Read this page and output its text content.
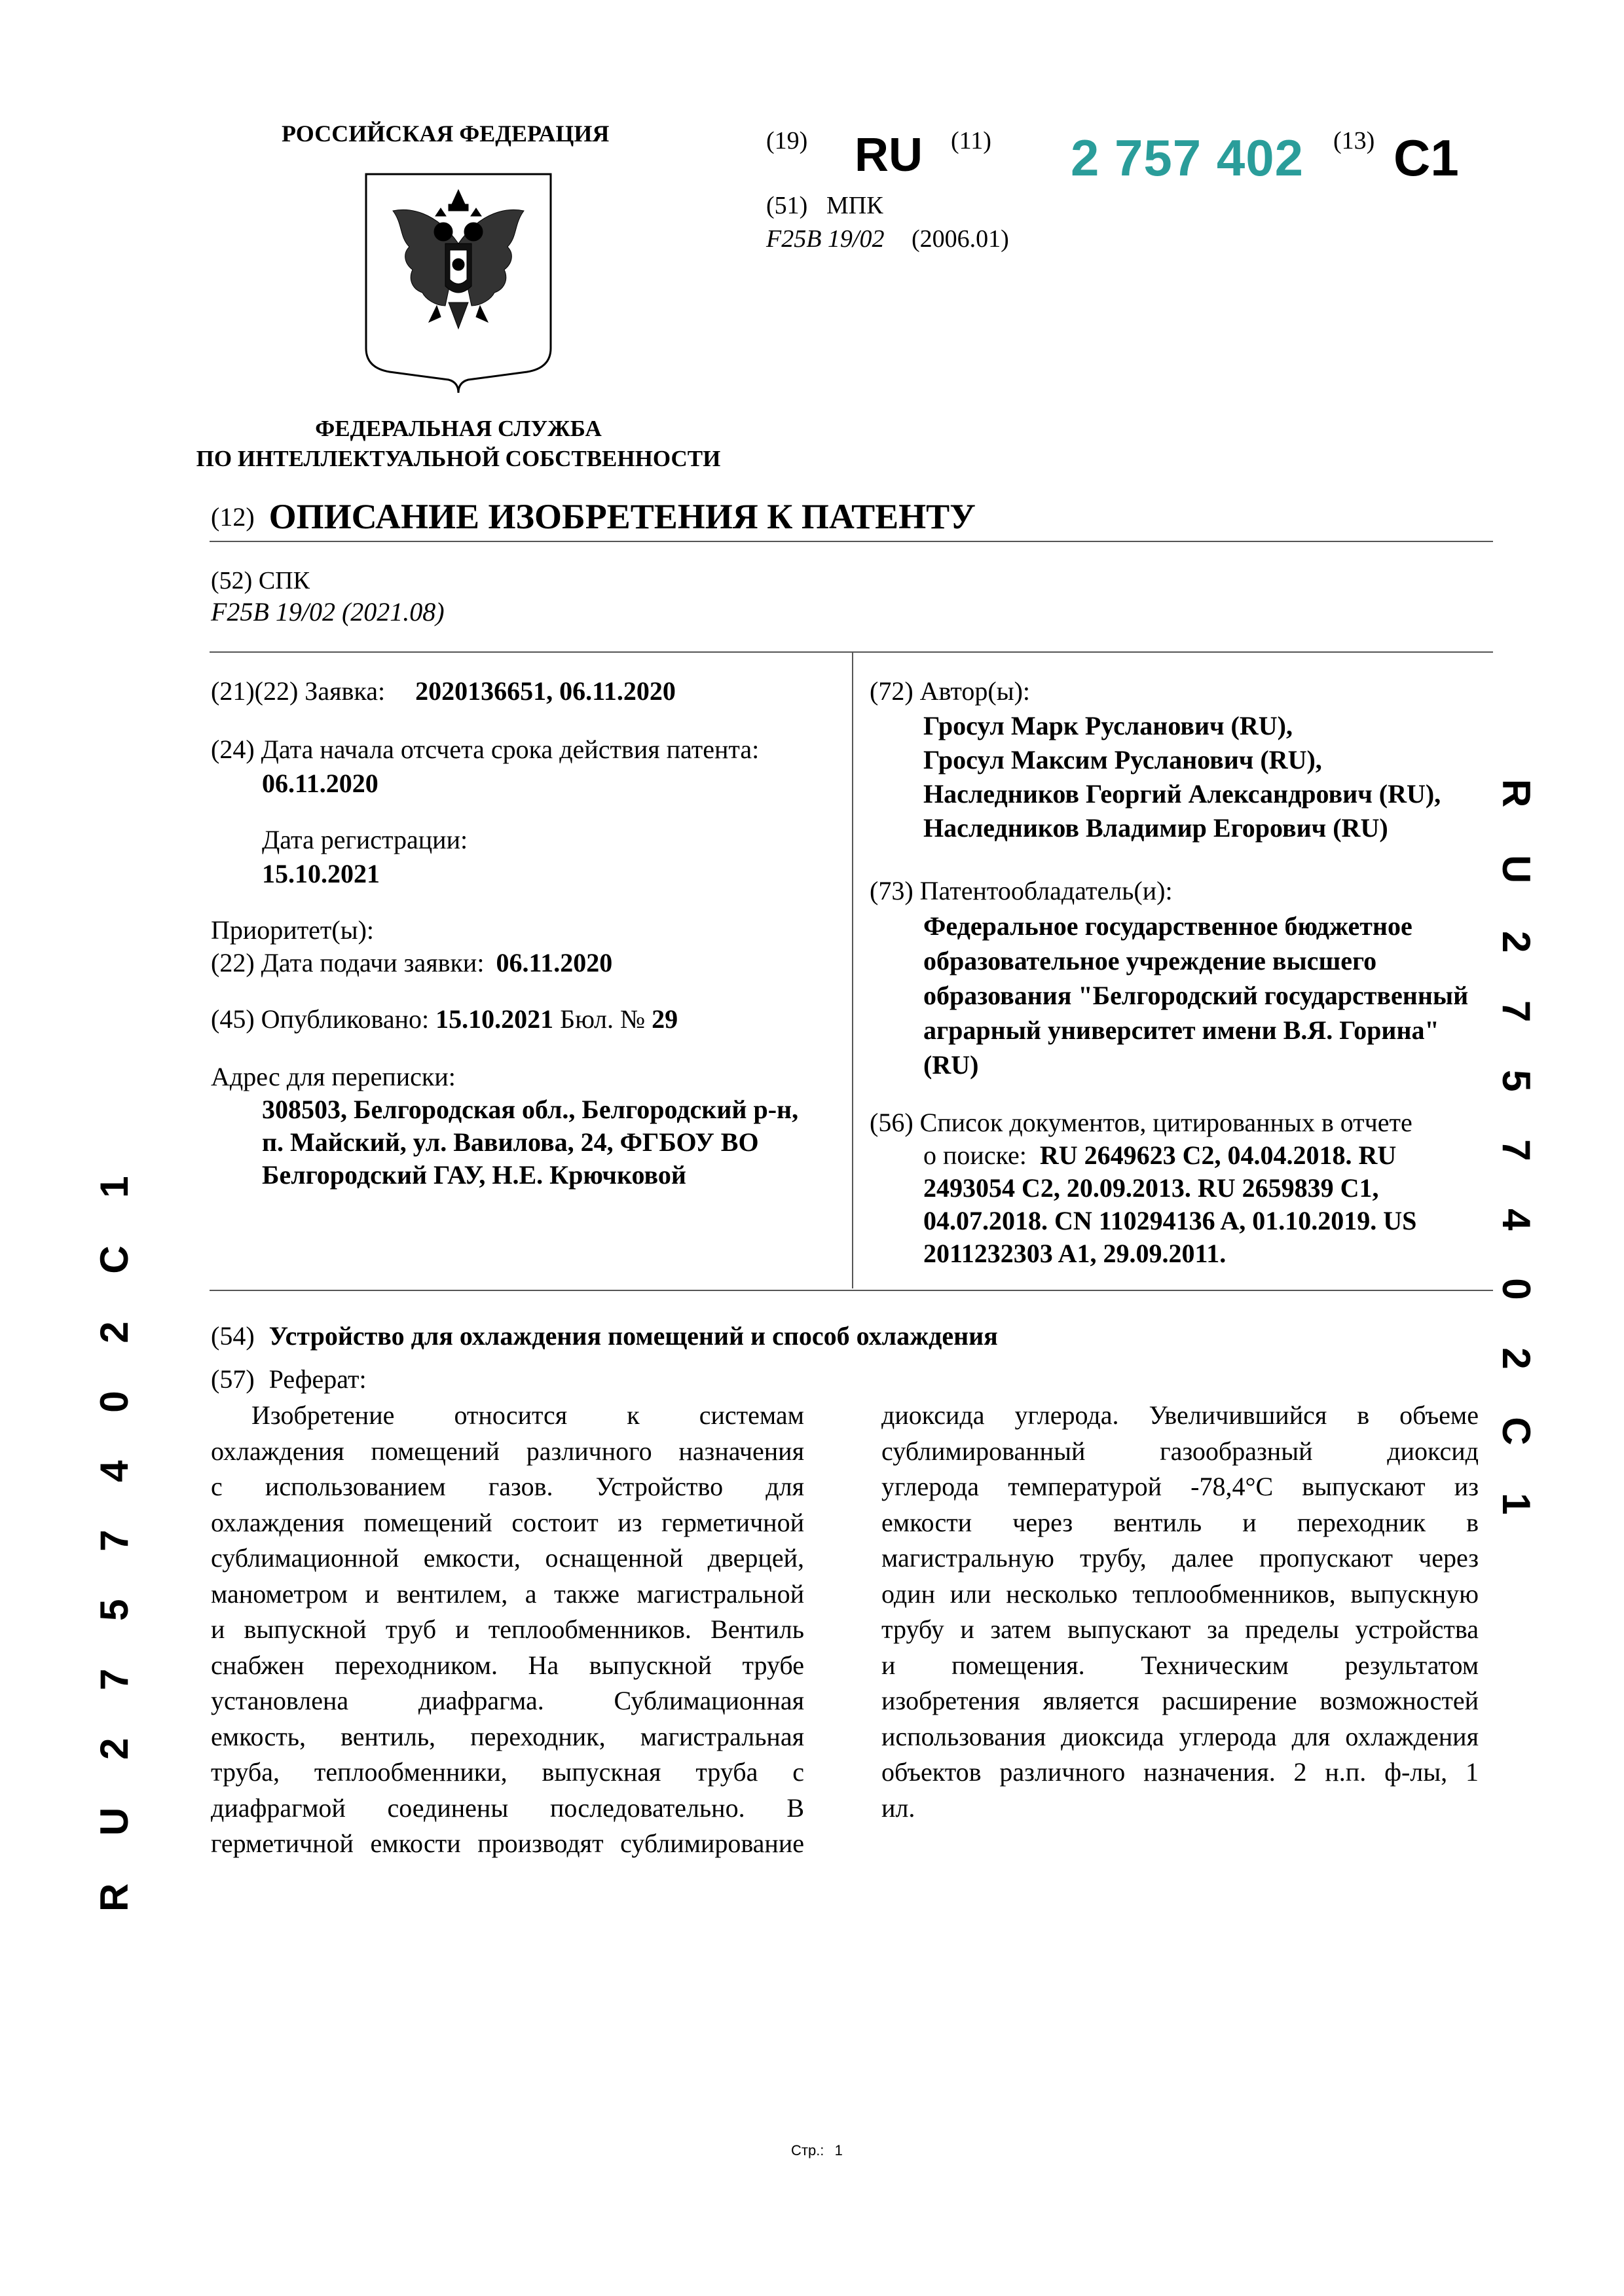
РОССИЙСКАЯ ФЕДЕРАЦИЯ
ФЕДЕРАЛЬНАЯ СЛУЖБА
ПО ИНТЕЛЛЕКТУАЛЬНОЙ СОБСТВЕННОСТИ
(19) RU (11) 2 757 402 (13) C1
(51) МПК
F25B 19/02 (2006.01)
(12) ОПИСАНИЕ ИЗОБРЕТЕНИЯ К ПАТЕНТУ
(52) СПК
F25B 19/02 (2021.08)
(21)(22) Заявка: 2020136651, 06.11.2020
(24) Дата начала отсчета срока действия патента:
06.11.2020
Дата регистрации:
15.10.2021
Приоритет(ы):
(22) Дата подачи заявки: 06.11.2020
(45) Опубликовано: 15.10.2021 Бюл. № 29
Адрес для переписки:
308503, Белгородская обл., Белгородский р-н,
п. Майский, ул. Вавилова, 24, ФГБОУ ВО
Белгородский ГАУ, Н.Е. Крючковой
(72) Автор(ы):
Гросул Марк Русланович (RU),
Гросул Максим Русланович (RU),
Наследников Георгий Александрович (RU),
Наследников Владимир Егорович (RU)
(73) Патентообладатель(и):
Федеральное государственное бюджетное
образовательное учреждение высшего
образования "Белгородский государственный
аграрный университет имени В.Я. Горина"
(RU)
(56) Список документов, цитированных в отчете
о поиске: RU 2649623 C2, 04.04.2018. RU
2493054 C2, 20.09.2013. RU 2659839 C1,
04.07.2018. CN 110294136 A, 01.10.2019. US
2011232303 A1, 29.09.2011.
(54) Устройство для охлаждения помещений и способ охлаждения
(57) Реферат:
Изобретение относится к системам
охлаждения помещений различного назначения
с использованием газов. Устройство для
охлаждения помещений состоит из герметичной
сублимационной емкости, оснащенной дверцей,
манометром и вентилем, а также магистральной
и выпускной труб и теплообменников. Вентиль
снабжен переходником. На выпускной трубе
установлена диафрагма. Сублимационная
емкость, вентиль, переходник, магистральная
труба, теплообменники, выпускная труба с
диафрагмой соединены последовательно. В
герметичной емкости производят сублимирование
диоксида углерода. Увеличившийся в объеме
сублимированный газообразный диоксид
углерода температурой -78,4°C выпускают из
емкости через вентиль и переходник в
магистральную трубу, далее пропускают через
один или несколько теплообменников, выпускную
трубу и затем выпускают за пределы устройства
и помещения. Техническим результатом
изобретения является расширение возможностей
использования диоксида углерода для охлаждения
объектов различного назначения. 2 н.п. ф-лы, 1
ил.
R U 2 7 5 7 4 0 2 C 1
R U 2 7 5 7 4 0 2 C 1
Стр.: 1
